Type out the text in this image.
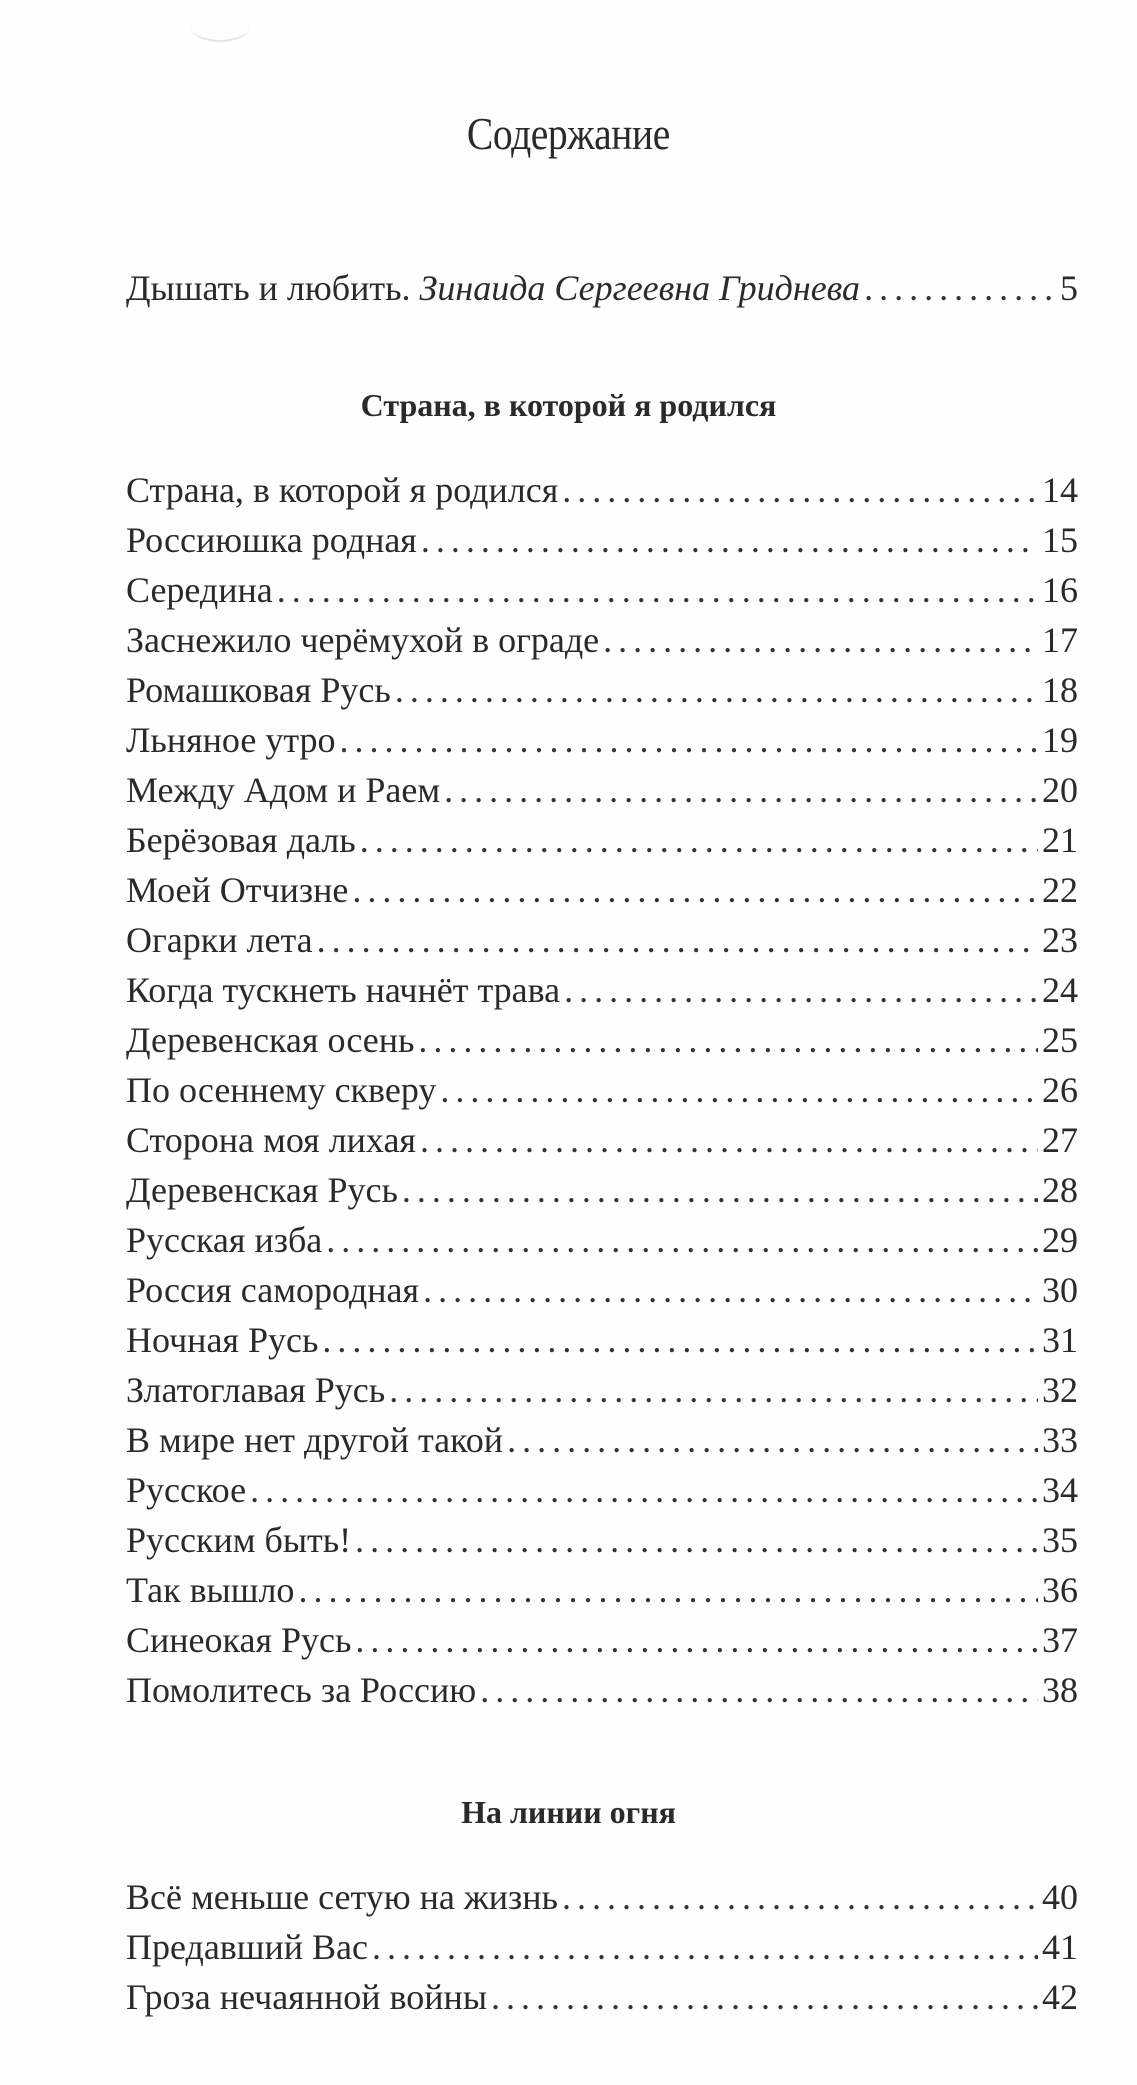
Содержание
Дышать и любить. Зинаида Сергеевна Гриднева . . .	5
Страна, в которой я родился
Страна, в которой я родился . . .	14
Россиюшка родная . . .	15
Середина . . .	16
Заснежило черёмухой в ограде . . .	17
Ромашковая Русь . . .	18
Льняное утро . . .	19
Между Адом и Раем . . .	20
Берёзовая даль . . .	21
Моей Отчизне . . .	22
Огарки лета . . .	23
Когда тускнеть начнёт трава . . .	24
Деревенская осень . . .	25
По осеннему скверу . . .	26
Сторона моя лихая . . .	27
Деревенская Русь . . .	28
Русская изба . . .	29
Россия самородная . . .	30
Ночная Русь . . .	31
Златоглавая Русь . . .	32
В мире нет другой такой . . .	33
Русское . . .	34
Русским быть! . . .	35
Так вышло . . .	36
Синеокая Русь . . .	37
Помолитесь за Россию . . .	38
На линии огня
Всё меньше сетую на жизнь . . .	40
Предавший Вас . . .	41
Гроза нечаянной войны . . .	42
